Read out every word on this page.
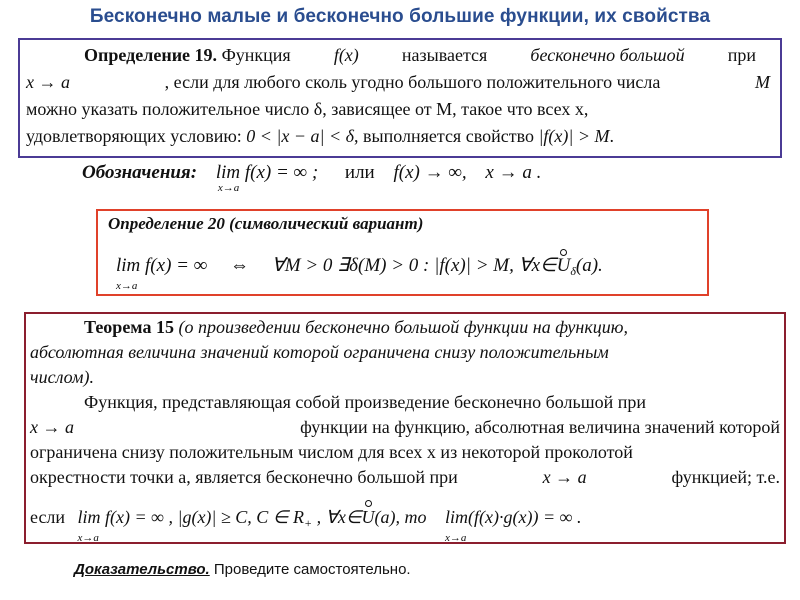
Бесконечно малые и бесконечно большие функции, их свойства
Определение 19. Функция f(x) называется бесконечно большой при
x → a	, если для любого сколь угодно большого положительного числа	M
можно указать положительное число δ, зависящее от M, такое что всех x,
удовлетворяющих условию: 0 < |x − a| < δ, выполняется свойство |f(x)| > M.
Обозначения: lim f(x) = ∞ ;
x→a
или f(x) → ∞, x → a .
Определение 20 (символический вариант)
lim f(x) = ∞
x→a
⇔ ∀M > 0 ∃δ(M) > 0 : |f(x)| > M, $\forall x\in U_\delta(a)$.
Теорема 15 (о произведении бесконечно большой функции на функцию,
абсолютная величина значений которой ограничена снизу положительным
числом).
Функция, представляющая собой произведение бесконечно большой при
x → a	функции на функцию, абсолютная величина значений которой
ограничена снизу положительным числом для всех x из некоторой проколотой
окрестности точки a, является бесконечно большой при	x → a	функцией; т.е.
если lim f(x) = ∞ , |g(x)| ≥ C, C ∈ $R_+$
x→a
, ∀x∈U(a), то lim(f(x)·g(x)) = ∞ .
x→a
Доказательство. Проведите самостоятельно.
